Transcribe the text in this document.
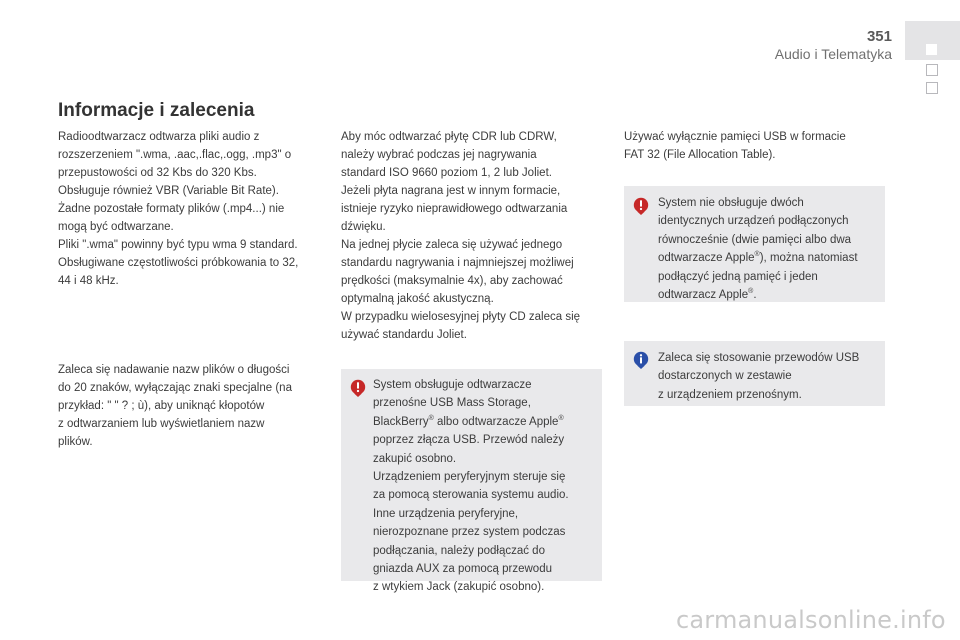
351
Audio i Telematyka
Informacje i zalecenia

Radioodtwarzacz odtwarza pliki audio z

rozszerzeniem ".wma, .aac,.flac,.ogg, .mp3" o

przepustowości od 32 Kbs do 320 Kbs.

Obsługuje również VBR (Variable Bit Rate).

Żadne pozostałe formaty plików (.mp4...) nie

mogą być odtwarzane.

Pliki ".wma" powinny być typu wma 9 standard.

Obsługiwane częstotliwości próbkowania to 32,

44 i 48 kHz.

Zaleca się nadawanie nazw plików o długości

do 20 znaków, wyłączając znaki specjalne (na

przykład: " " ? ; ù), aby uniknąć kłopotów

z odtwarzaniem lub wyświetlaniem nazw

plików.

Aby móc odtwarzać płytę CDR lub CDRW,

należy wybrać podczas jej nagrywania

standard ISO 9660 poziom 1, 2 lub Joliet.

Jeżeli płyta nagrana jest w innym formacie,

istnieje ryzyko nieprawidłowego odtwarzania

dźwięku.

Na jednej płycie zaleca się używać jednego

standardu nagrywania i najmniejszej możliwej

prędkości (maksymalnie 4x), aby zachować

optymalną jakość akustyczną.

W przypadku wielosesyjnej płyty CD zaleca się

używać standardu Joliet.

System obsługuje odtwarzacze

przenośne USB Mass Storage,

BlackBerry® albo odtwarzacze Apple®

poprzez złącza USB. Przewód należy

zakupić osobno.

Urządzeniem peryferyjnym steruje się

za pomocą sterowania systemu audio.

Inne urządzenia peryferyjne,

nierozpoznane przez system podczas

podłączania, należy podłączać do

gniazda AUX za pomocą przewodu

z wtykiem Jack (zakupić osobno).

Używać wyłącznie pamięci USB w formacie

FAT 32 (File Allocation Table).

System nie obsługuje dwóch

identycznych urządzeń podłączonych

równocześnie (dwie pamięci albo dwa

odtwarzacze Apple®), można natomiast

podłączyć jedną pamięć i jeden

odtwarzacz Apple®.

Zaleca się stosowanie przewodów USB

dostarczonych w zestawie

z urządzeniem przenośnym.

carmanualsonline.info
